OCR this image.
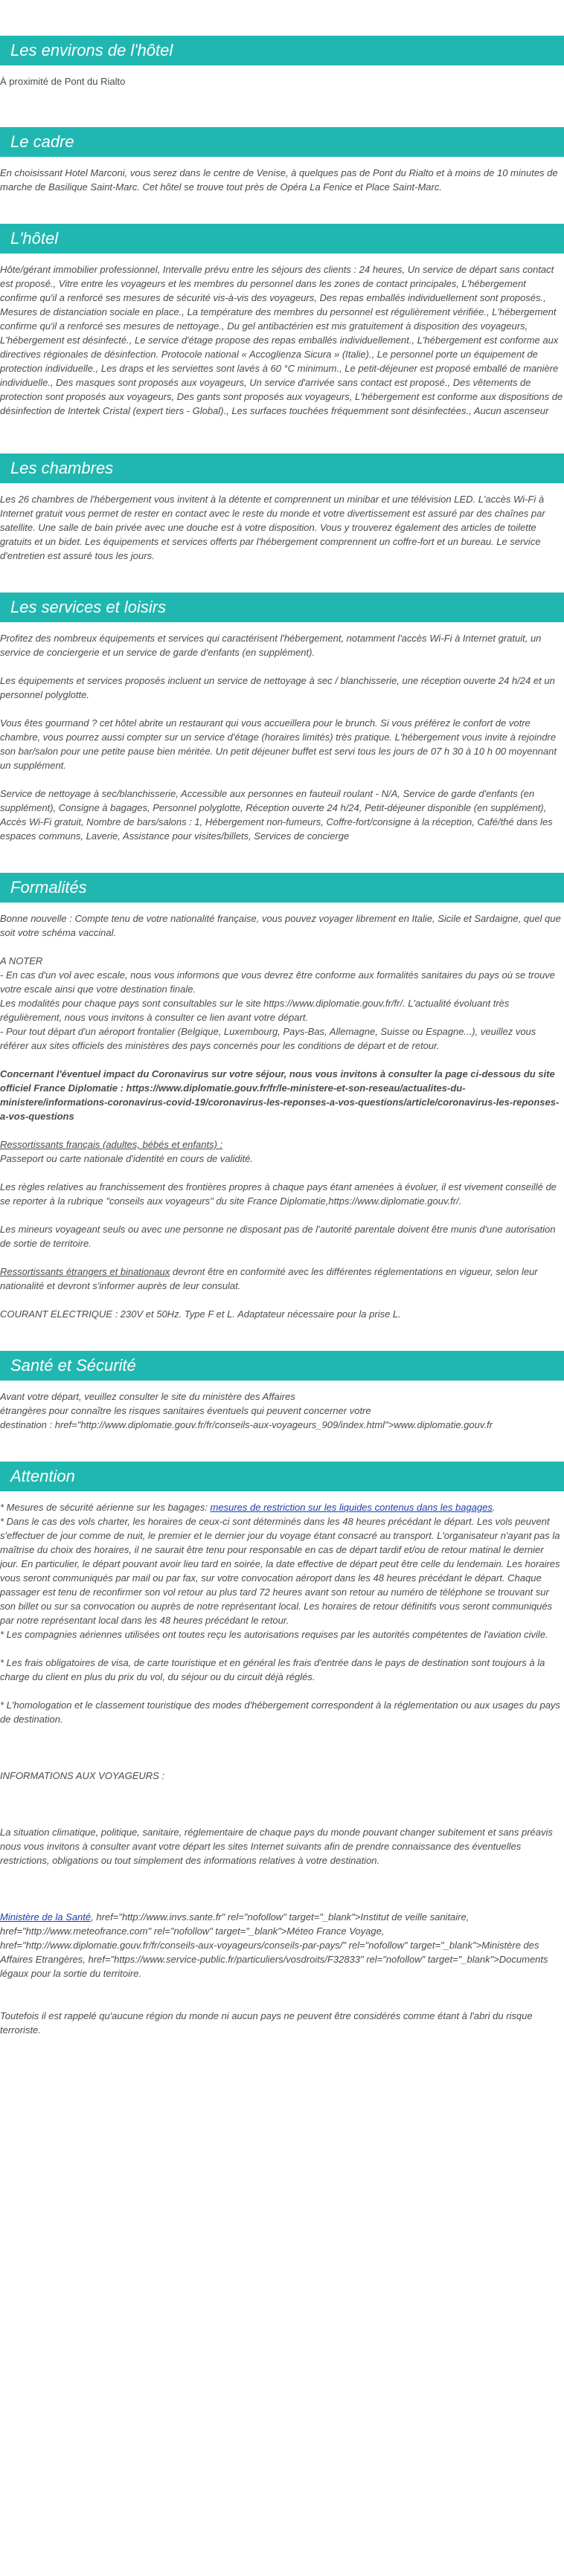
Les environs de l'hôtel

À proximité de Pont du Rialto

Le cadre

En choisissant Hotel Marconi, vous serez dans le centre de Venise, à quelques pas de Pont du Rialto et à moins de 10 minutes de marche de Basilique Saint-Marc. Cet hôtel se trouve tout près de Opéra La Fenice et Place Saint-Marc.

L'hôtel

Hôte/gérant immobilier professionnel, Intervalle prévu entre les séjours des clients : 24 heures, Un service de départ sans contact est proposé., Vitre entre les voyageurs et les membres du personnel dans les zones de contact principales, L'hébergement confirme qu'il a renforcé ses mesures de sécurité vis-à-vis des voyageurs, Des repas emballés individuellement sont proposés., Mesures de distanciation sociale en place., La température des membres du personnel est régulièrement vérifiée., L'hébergement confirme qu'il a renforcé ses mesures de nettoyage., Du gel antibactérien est mis gratuitement à disposition des voyageurs, L'hébergement est désinfecté., Le service d'étage propose des repas emballés individuellement., L'hébergement est conforme aux directives régionales de désinfection. Protocole national « Accoglienza Sicura » (Italie)., Le personnel porte un équipement de protection individuelle., Les draps et les serviettes sont lavés à 60 °C minimum., Le petit-déjeuner est proposé emballé de manière individuelle., Des masques sont proposés aux voyageurs, Un service d'arrivée sans contact est proposé., Des vêtements de protection sont proposés aux voyageurs, Des gants sont proposés aux voyageurs, L'hébergement est conforme aux dispositions de désinfection de Intertek Cristal (expert tiers - Global)., Les surfaces touchées fréquemment sont désinfectées., Aucun ascenseur

Les chambres

Les 26 chambres de l'hébergement vous invitent à la détente et comprennent un minibar et une télévision LED. L'accès Wi-Fi à Internet gratuit vous permet de rester en contact avec le reste du monde et votre divertissement est assuré par des chaînes par satellite. Une salle de bain privée avec une douche est à votre disposition. Vous y trouverez également des articles de toilette gratuits et un bidet. Les équipements et services offerts par l'hébergement comprennent un coffre-fort et un bureau. Le service d'entretien est assuré tous les jours.

Les services et loisirs

Profitez des nombreux équipements et services qui caractérisent l'hébergement, notamment l'accès Wi-Fi à Internet gratuit, un service de conciergerie et un service de garde d'enfants (en supplément).

Les équipements et services proposés incluent un service de nettoyage à sec / blanchisserie, une réception ouverte 24 h/24 et un personnel polyglotte.

Vous êtes gourmand ? cet hôtel abrite un restaurant qui vous accueillera pour le brunch. Si vous préférez le confort de votre chambre, vous pourrez aussi compter sur un service d'étage (horaires limités) très pratique. L'hébergement vous invite à rejoindre son bar/salon pour une petite pause bien méritée. Un petit déjeuner buffet est servi tous les jours de 07 h 30 à 10 h 00 moyennant un supplément.

Service de nettoyage à sec/blanchisserie, Accessible aux personnes en fauteuil roulant - N/A, Service de garde d'enfants (en supplément), Consigne à bagages, Personnel polyglotte, Réception ouverte 24 h/24, Petit-déjeuner disponible (en supplément), Accès Wi-Fi gratuit, Nombre de bars/salons : 1, Hébergement non-fumeurs, Coffre-fort/consigne à la réception, Café/thé dans les espaces communs, Laverie, Assistance pour visites/billets, Services de concierge

Formalités

Bonne nouvelle : Compte tenu de votre nationalité française, vous pouvez voyager librement en Italie, Sicile et Sardaigne, quel que soit votre schéma vaccinal.

A NOTER

- En cas d'un vol avec escale, nous vous informons que vous devrez être conforme aux formalités sanitaires du pays où se trouve votre escale ainsi que votre destination finale.

Les modalités pour chaque pays sont consultables sur le site https://www.diplomatie.gouv.fr/fr/. L'actualité évoluant très régulièrement, nous vous invitons à consulter ce lien avant votre départ.

- Pour tout départ d'un aéroport frontalier (Belgique, Luxembourg, Pays-Bas, Allemagne, Suisse ou Espagne...), veuillez vous référer aux sites officiels des ministères des pays concernés pour les conditions de départ et de retour.

Concernant l'éventuel impact du Coronavirus sur votre séjour, nous vous invitons à consulter la page ci-dessous du site officiel France Diplomatie : https://www.diplomatie.gouv.fr/fr/le-ministere-et-son-reseau/actualites-du-ministere/informations-coronavirus-covid-19/coronavirus-les-reponses-a-vos-questions/article/coronavirus-les-reponses-a-vos-questions

Ressortissants français (adultes, bébés et enfants) :

Passeport ou carte nationale d'identité en cours de validité.

Les règles relatives au franchissement des frontières propres à chaque pays étant amenées à évoluer, il est vivement conseillé de se reporter à la rubrique "conseils aux voyageurs" du site France Diplomatie,https://www.diplomatie.gouv.fr/.

Les mineurs voyageant seuls ou avec une personne ne disposant pas de l'autorité parentale doivent être munis d'une autorisation de sortie de territoire.

Ressortissants étrangers et binationaux devront être en conformité avec les différentes réglementations en vigueur, selon leur nationalité et devront s'informer auprès de leur consulat.

COURANT ELECTRIQUE : 230V et 50Hz. Type F et L. Adaptateur nécessaire pour la prise L.

Santé et Sécurité

Avant votre départ, veuillez consulter le site du ministère des Affaires

étrangères pour connaître les risques sanitaires éventuels qui peuvent concerner votre

destination : href="http://www.diplomatie.gouv.fr/fr/conseils-aux-voyageurs_909/index.html">www.diplomatie.gouv.fr

Attention

* Mesures de sécurité aérienne sur les bagages: mesures de restriction sur les liquides contenus dans les bagages.

* Dans le cas des vols charter, les horaires de ceux-ci sont déterminés dans les 48 heures précédant le départ. Les vols peuvent s'effectuer de jour comme de nuit, le premier et le dernier jour du voyage étant consacré au transport. L'organisateur n'ayant pas la maîtrise du choix des horaires, il ne saurait être tenu pour responsable en cas de départ tardif et/ou de retour matinal le dernier jour. En particulier, le départ pouvant avoir lieu tard en soirée, la date effective de départ peut être celle du lendemain. Les horaires vous seront communiqués par mail ou par fax, sur votre convocation aéroport dans les 48 heures précédant le départ. Chaque passager est tenu de reconfirmer son vol retour au plus tard 72 heures avant son retour au numéro de téléphone se trouvant sur son billet ou sur sa convocation ou auprès de notre représentant local. Les horaires de retour définitifs vous seront communiqués par notre représentant local dans les 48 heures précédant le retour.

* Les compagnies aériennes utilisées ont toutes reçu les autorisations requises par les autorités compétentes de l'aviation civile.

* Les frais obligatoires de visa, de carte touristique et en général les frais d'entrée dans le pays de destination sont toujours à la charge du client en plus du prix du vol, du séjour ou du circuit déjà réglés.

* L'homologation et le classement touristique des modes d'hébergement correspondent à la réglementation ou aux usages du pays de destination.

INFORMATIONS AUX VOYAGEURS :

La situation climatique, politique, sanitaire, réglementaire de chaque pays du monde pouvant changer subitement et sans préavis

nous vous invitons à consulter avant votre départ les sites Internet suivants afin de prendre connaissance des éventuelles restrictions, obligations ou tout simplement des informations relatives à votre destination.

Ministère de la Santé, href="http://www.invs.sante.fr" rel="nofollow" target="_blank">Institut de veille sanitaire, href="http://www.meteofrance.com" rel="nofollow" target="_blank">Méteo France Voyage, href="http://www.diplomatie.gouv.fr/fr/conseils-aux-voyageurs/conseils-par-pays/" rel="nofollow" target="_blank">Ministère des Affaires Etrangères, href="https://www.service-public.fr/particuliers/vosdroits/F32833" rel="nofollow" target="_blank">Documents légaux pour la sortie du territoire.

Toutefois il est rappelé qu'aucune région du monde ni aucun pays ne peuvent être considérés comme étant à l'abri du risque terroriste.
